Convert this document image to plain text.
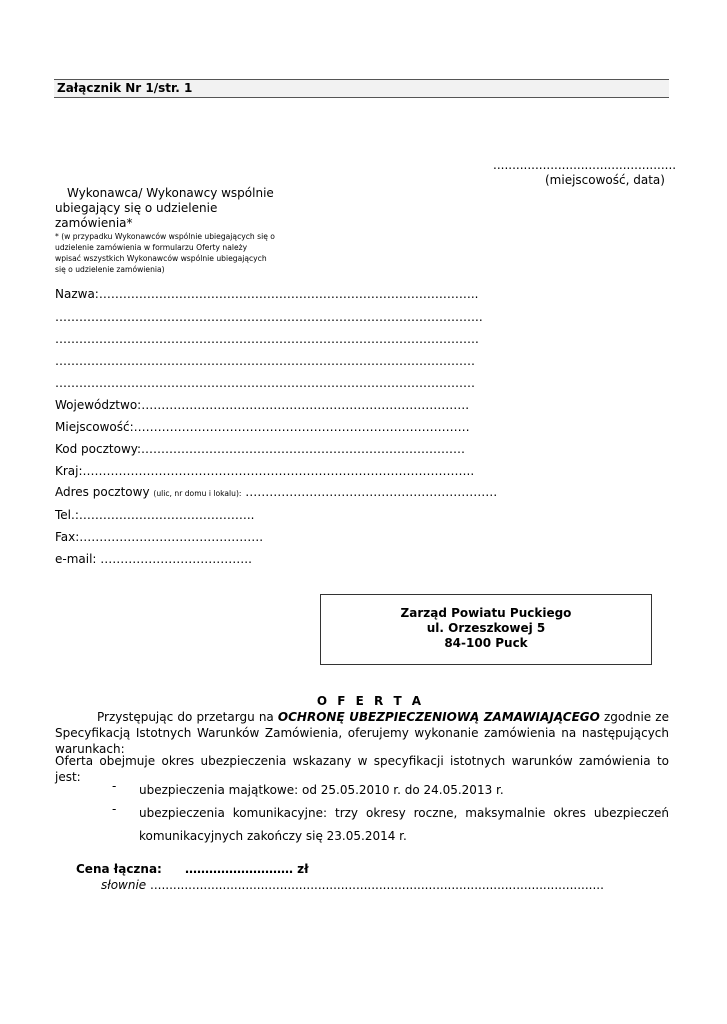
Załącznik Nr 1/str. 1
................................................
(miejscowość, data)
Wykonawca/ Wykonawcy wspólnie ubiegający się o udzielenie zamówienia*
* (w przypadku Wykonawców wspólnie ubiegających się o udzielenie zamówienia w formularzu Oferty należy wpisać wszystkich Wykonawców wspólnie ubiegających się o udzielenie zamówienia)
Nazwa:…………………………………………………………………………………..
……………………………………………………………………………………………..
…………………………………………………………………………………………….
……………………………………………………………………………………………
……………………………………………………………………………………………
Województwo:……………………………………………………………………….
Miejscowość:…………………………………………………………………………
Kod pocztowy:………………………………………………………………………
Kraj:……………………………………………………………………………………..
Adres pocztowy (ulic, nr domu i lokalu): ………………………………………………………
Tel.:……………………………………..
Fax:……………………………………….
e-mail: ………………………………..
Zarząd Powiatu Puckiego
ul. Orzeszkowej 5
84-100 Puck
O F E R T A
Przystępując do przetargu na OCHRONĘ UBEZPIECZENIOWĄ ZAMAWIAJĄCEGO zgodnie ze Specyfikacją Istotnych Warunków Zamówienia, oferujemy wykonanie zamówienia na następujących warunkach:
Oferta obejmuje okres ubezpieczenia wskazany w specyfikacji istotnych warunków zamówienia to jest:
- ubezpieczenia majątkowe: od 25.05.2010 r. do 24.05.2013 r.
- ubezpieczenia komunikacyjne: trzy okresy roczne, maksymalnie okres ubezpieczeń komunikacyjnych zakończy się 23.05.2014 r.
Cena łączna: ……………………… zł
słownie .......................................................................................................................
